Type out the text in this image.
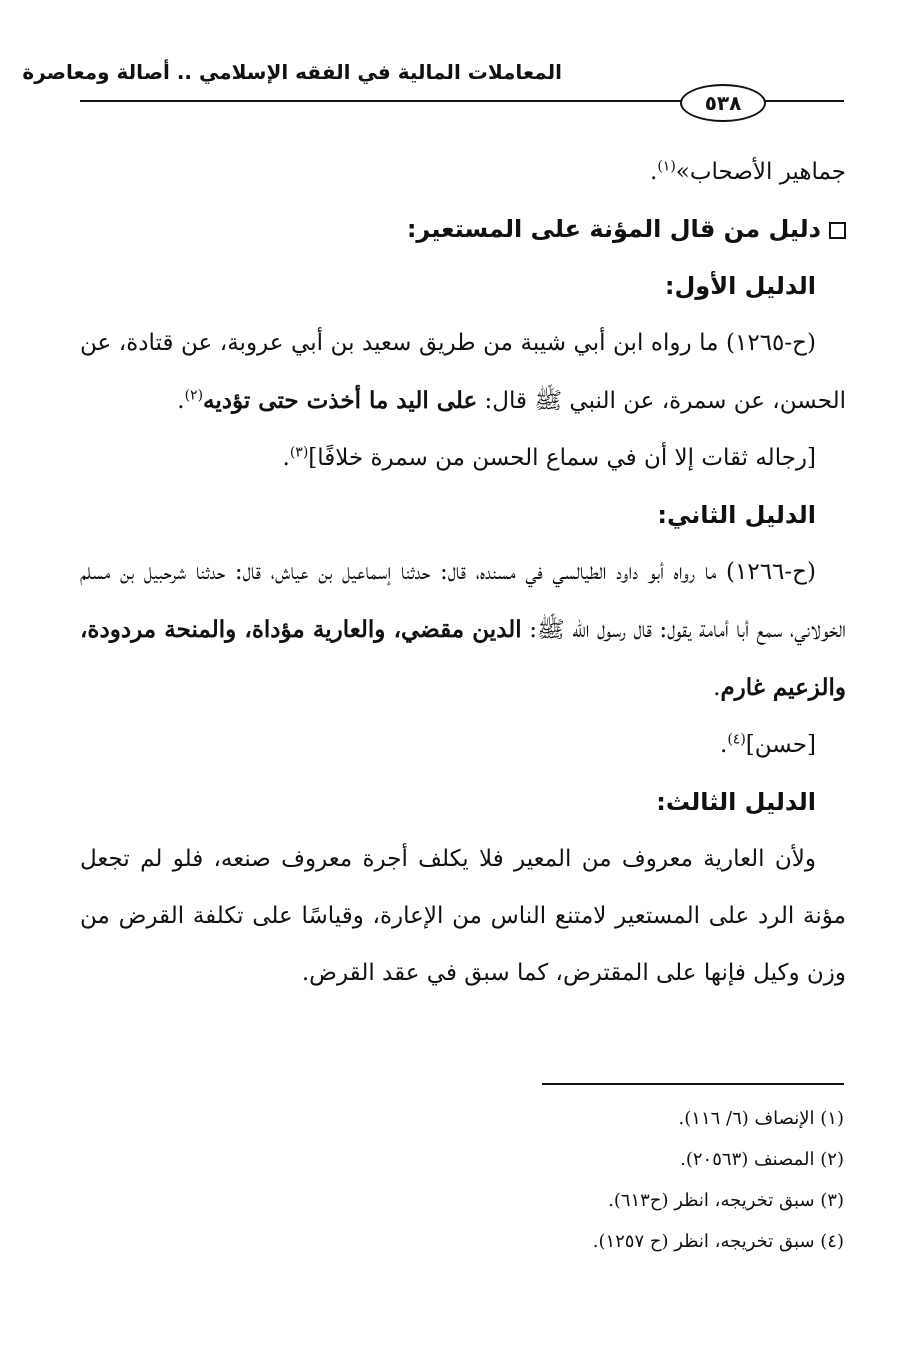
المعاملات المالية في الفقه الإسلامي .. أصالة ومعاصرة
٥٣٨

جماهير الأصحاب»$^{(١)}$.

دليل من قال المؤنة على المستعير:

الدليل الأول:

(ح-١٢٦٥) ما رواه ابن أبي شيبة من طريق سعيد بن أبي عروبة، عن قتادة، عن الحسن، عن سمرة، عن النبي ﷺ قال: على اليد ما أخذت حتى تؤديه$^{(٢)}$.

[رجاله ثقات إلا أن في سماع الحسن من سمرة خلافًا]$^{(٣)}$.

الدليل الثاني:

(ح-١٢٦٦) ما رواه أبو داود الطيالسي في مسنده، قال: حدثنا إسماعيل بن عياش، قال: حدثنا شرحبيل بن مسلم الخولاني، سمع أبا أمامة يقول: قال رسول الله ﷺ: الدين مقضي، والعارية مؤداة، والمنحة مردودة، والزعيم غارم.

[حسن]$^{(٤)}$.

الدليل الثالث:

ولأن العارية معروف من المعير فلا يكلف أجرة معروف صنعه، فلو لم تجعل مؤنة الرد على المستعير لامتنع الناس من الإعارة، وقياسًا على تكلفة القرض من وزن وكيل فإنها على المقترض، كما سبق في عقد القرض.

(١) الإنصاف (٦/ ١١٦).
(٢) المصنف (٢٠٥٦٣).
(٣) سبق تخريجه، انظر (ح٦١٣).
(٤) سبق تخريجه، انظر (ح ١٢٥٧).
